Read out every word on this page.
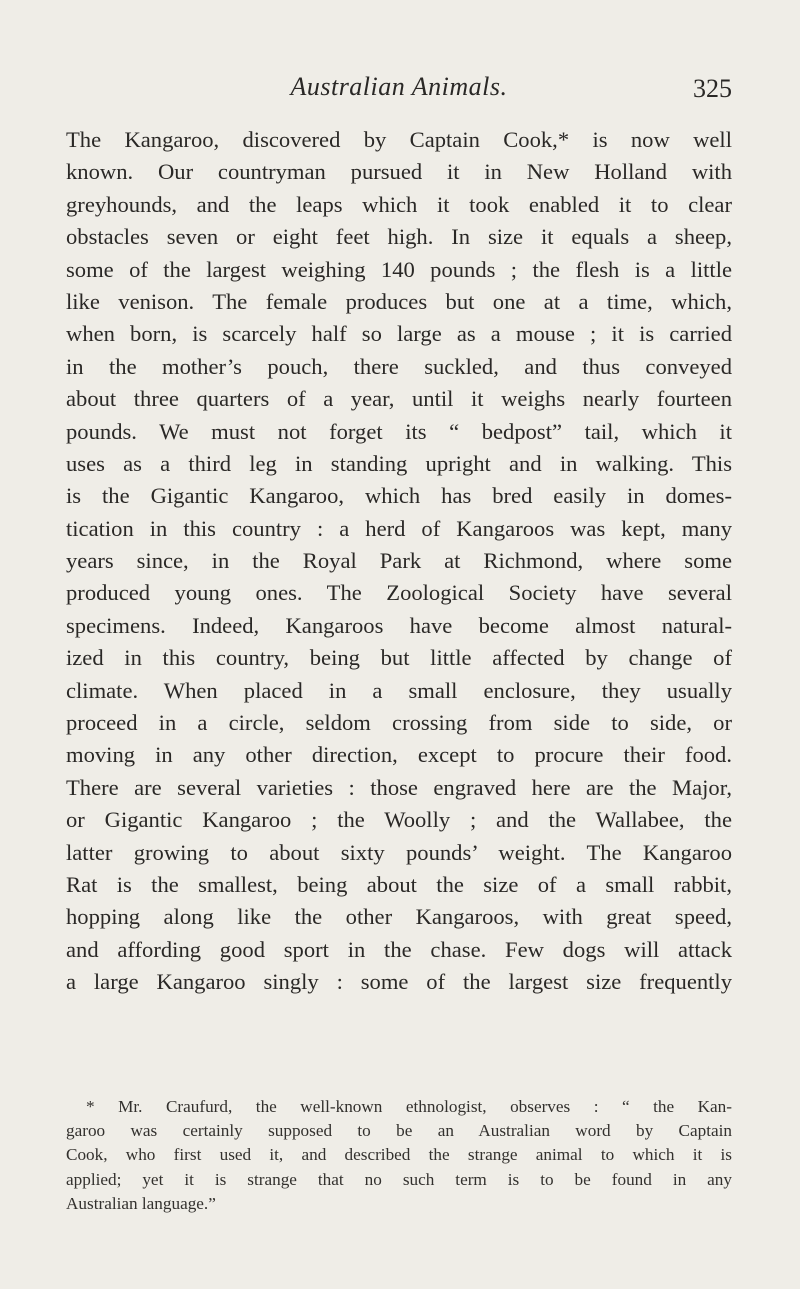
Australian Animals.	325
The Kangaroo, discovered by Captain Cook,* is now well
known. Our countryman pursued it in New Holland with
greyhounds, and the leaps which it took enabled it to clear
obstacles seven or eight feet high. In size it equals a sheep,
some of the largest weighing 140 pounds ; the flesh is a little
like venison. The female produces but one at a time, which,
when born, is scarcely half so large as a mouse ; it is carried
in the mother’s pouch, there suckled, and thus conveyed
about three quarters of a year, until it weighs nearly fourteen
pounds. We must not forget its “ bedpost” tail, which it
uses as a third leg in standing upright and in walking. This
is the Gigantic Kangaroo, which has bred easily in domes-
tication in this country : a herd of Kangaroos was kept, many
years since, in the Royal Park at Richmond, where some
produced young ones. The Zoological Society have several
specimens. Indeed, Kangaroos have become almost natural-
ized in this country, being but little affected by change of
climate. When placed in a small enclosure, they usually
proceed in a circle, seldom crossing from side to side, or
moving in any other direction, except to procure their food.
There are several varieties : those engraved here are the Major,
or Gigantic Kangaroo ; the Woolly ; and the Wallabee, the
latter growing to about sixty pounds’ weight. The Kangaroo
Rat is the smallest, being about the size of a small rabbit,
hopping along like the other Kangaroos, with great speed,
and affording good sport in the chase. Few dogs will attack
a large Kangaroo singly : some of the largest size frequently
* Mr. Craufurd, the well-known ethnologist, observes : “ the Kan-
garoo was certainly supposed to be an Australian word by Captain
Cook, who first used it, and described the strange animal to which it is
applied; yet it is strange that no such term is to be found in any
Australian language.”
